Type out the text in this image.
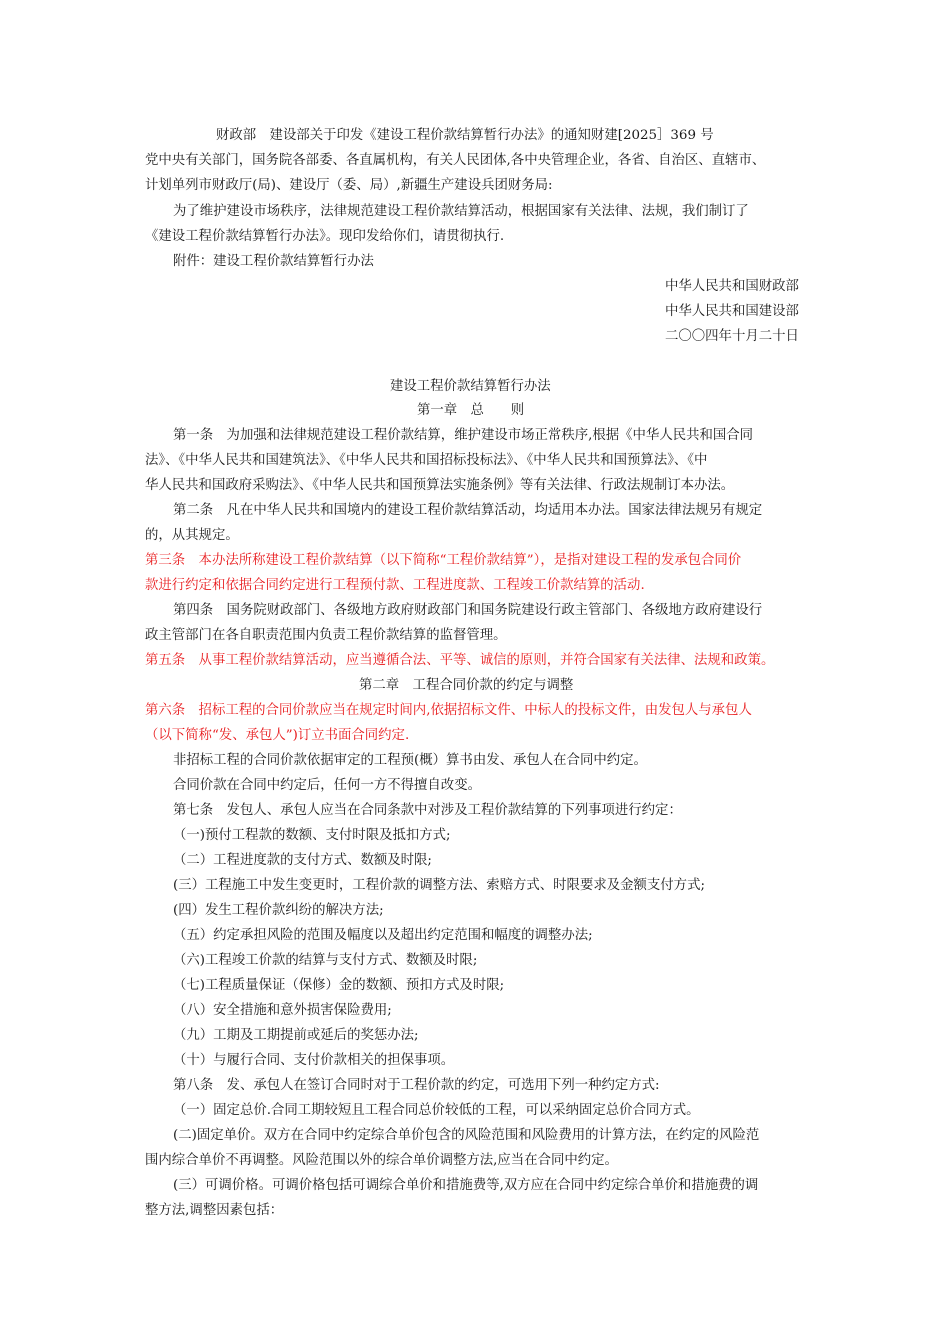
财政部　建设部关于印发《建设工程价款结算暂行办法》的通知财建[2025］369 号
党中央有关部门，国务院各部委、各直属机构，有关人民团体,各中央管理企业，各省、自治区、直辖市、
计划单列市财政厅(局)、建设厅（委、局）,新疆生产建设兵团财务局:
为了维护建设市场秩序，法律规范建设工程价款结算活动，根据国家有关法律、法规，我们制订了
《建设工程价款结算暂行办法》。现印发给你们，请贯彻执行.
附件：建设工程价款结算暂行办法
中华人民共和国财政部
中华人民共和国建设部
二〇〇四年十月二十日
建设工程价款结算暂行办法
第一章　总　　则
第一条　为加强和法律规范建设工程价款结算，维护建设市场正常秩序,根据《中华人民共和国合同
法》、《中华人民共和国建筑法》、《中华人民共和国招标投标法》、《中华人民共和国预算法》、《中
华人民共和国政府采购法》、《中华人民共和国预算法实施条例》等有关法律、行政法规制订本办法。
第二条　凡在中华人民共和国境内的建设工程价款结算活动，均适用本办法。国家法律法规另有规定
的，从其规定。
第三条　本办法所称建设工程价款结算（以下简称“工程价款结算”），是指对建设工程的发承包合同价
款进行约定和依据合同约定进行工程预付款、工程进度款、工程竣工价款结算的活动.
第四条　国务院财政部门、各级地方政府财政部门和国务院建设行政主管部门、各级地方政府建设行
政主管部门在各自职责范围内负责工程价款结算的监督管理。
第五条　从事工程价款结算活动，应当遵循合法、平等、诚信的原则，并符合国家有关法律、法规和政策。
第二章　工程合同价款的约定与调整
第六条　招标工程的合同价款应当在规定时间内,依据招标文件、中标人的投标文件，由发包人与承包人
（以下简称“发、承包人”)订立书面合同约定.
非招标工程的合同价款依据审定的工程预(概）算书由发、承包人在合同中约定。
合同价款在合同中约定后，任何一方不得擅自改变。
第七条　发包人、承包人应当在合同条款中对涉及工程价款结算的下列事项进行约定：
（一)预付工程款的数额、支付时限及抵扣方式;
（二）工程进度款的支付方式、数额及时限;
(三）工程施工中发生变更时，工程价款的调整方法、索赔方式、时限要求及金额支付方式;
(四）发生工程价款纠纷的解决方法;
（五）约定承担风险的范围及幅度以及超出约定范围和幅度的调整办法;
（六)工程竣工价款的结算与支付方式、数额及时限;
（七)工程质量保证（保修）金的数额、预扣方式及时限;
（八）安全措施和意外损害保险费用;
（九）工期及工期提前或延后的奖惩办法;
（十）与履行合同、支付价款相关的担保事项。
第八条　发、承包人在签订合同时对于工程价款的约定，可选用下列一种约定方式:
（一）固定总价.合同工期较短且工程合同总价较低的工程，可以采纳固定总价合同方式。
(二)固定单价。双方在合同中约定综合单价包含的风险范围和风险费用的计算方法，在约定的风险范
围内综合单价不再调整。风险范围以外的综合单价调整方法,应当在合同中约定。
(三）可调价格。可调价格包括可调综合单价和措施费等,双方应在合同中约定综合单价和措施费的调
整方法,调整因素包括：
